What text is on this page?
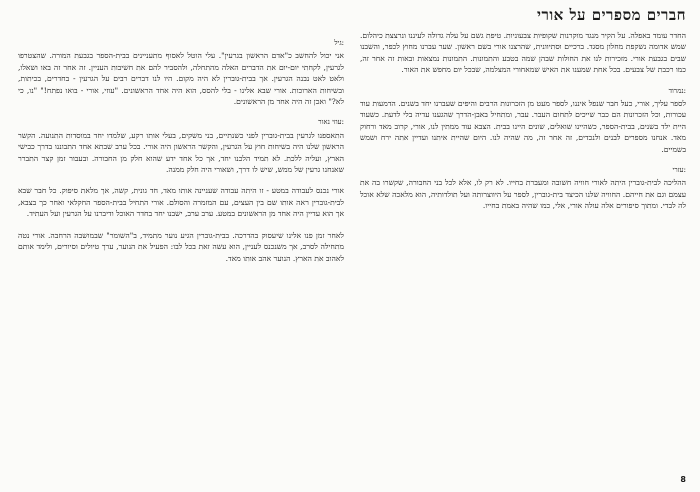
חברים מספרים על אורי

החדר עומד באפלה. על הקיר מנגד מוקרנות שקופיות צבעוניות. טיפת גשם על עלה גדולה לעיננו ונרצצת כיהלום. שמש אדומה נשקפת מחלון מסגד. ברכיים וסתיוונית, שהרצנו אורי בשם ראשון. שער עברנו מחוץ לכפר, והשבנו שבים בגבעת אורי. מזכירות לנו את החולות שבהן שמה בטבע והתמונות. התמונות נמצאות ובאות זה אחר זה, כמו רכבת של צבעים. בכל אחת שמענו את האיש שמאחורי המצלמה, שבכל יום מחפש את האור.

:נמרוד

לספר עליך, אורי, כעל חבר שנפל איננו, לספר מעט מן הזכרונות הרבים והיפים שעברנו יחד בשנים. הדמעות עוד עכורות, וכל הזכרונות הם כבר שייכים לתחום העבר. עבר, ומתחיל באבן-הדרך שהגענו עדיה בלי לדעת. כשעוד היית ילד בשנים, בבית-הספר, כשהיינו שואלים, שונים היינו בבית. הצבא עוד ממתין לנו, אורי, קרוב מאד ורחוק מאד. אנחנו מספרים לבנים ולנכדים, זה אחר זה, מה שהיה לנו. היום שהיית איתנו ועדיין אתה ירח ושמש בשמיים.

:עזרי

ההליכה לבית-גוברין היתה לאורי חוויה חשובה ומעברת בחייו. לא רק לו, אלא לכל בני החבורה, שקשרו בה את עצמם וגם את חייהם. החוויה שלנו הכיצד בית-גוברין, לספר על היווצרותה ועל תולדותיה, הוא מלאכה שלא אוכל לה לבדי. ומתוך סיפורים אלה עולה אורי, אלי, כמו שהיה באמת בחייו.

:גיל

אני יכול להחשב כ"אדם הראשון בגרעין". עלי הוטל לאסוף מתעניינים בבית-הספר בגבעת המורה. שהצטרפו לגרעין, לקחתי יום-יום את הדברים האלה מהתחלה, ולהסביר להם את חשיבות העניין. זה אחר זה באו ושאלו, ולאט לאט נבנה הגרעין. אך בבית-גוברין לא היה מקום. היו לנו דברים רבים על הגרעין - בחדרים, בכיתות, ובשיחות הארוכות. אורי שבא אלינו - בלי להסס, הוא היה אחד הראשונים. "עוזי, אורי - בואו נפתח!" "נו, כי לא?" ואכן זה היה אחד מן הראשונים.

:עוזי נאור

התאספנו לגרעין בבית-גוברין לפני כשנתיים, בני משקים, בעלי אותו רקע, שלמדו יחד במוסדות התנועה. הקשר הראשון שלנו היה בשיחות חוץ על הגרעין, והקשר הראשון היה אורי. בכל ערב שבתא אחד התבוננו בדרך כבישי הארץ, ועליה ללכת. לא תמיד הלכנו יחד, אך כל אחד ידע שהוא חלק מן החבורה. ובעבור זמן קצר התברר שאנחנו גרעין של ממש, שיש לו דרך, ושאורי היה חלק ממנה.

אורי נכנס לעבודה במטע - זו היתה עבודה שעניינה אותו מאד, חד גונית, קשה, אך מלאת סיפוק. כל חבר שבא לבית-גוברין ראה אותו שם בין העצים, עם המזמרה והסולם. אורי התחיל בבית-הספר החקלאי ואחר כך בצבא, אך הוא עדיין היה אחד מן הראשונים במטע. ערב ערב, ישבנו יחד בחדר האוכל ודיברנו על הגרעין ועל העתיד.

לאחר זמן פנו אלינו שיעסוק בהדרכה. בבית-גוברין הגיע נוער מתמיד, ב"השומר" שבמושבה הרחבה. אורי נטה מתחילה לסרב, אך משנכנס לעניין, הוא עשה זאת בכל לבו: הפעיל את הנוער, ערך טיולים וסיורים, ולימד אותם לאהוב את הארץ. הנוער אהב אותו מאד.

8
